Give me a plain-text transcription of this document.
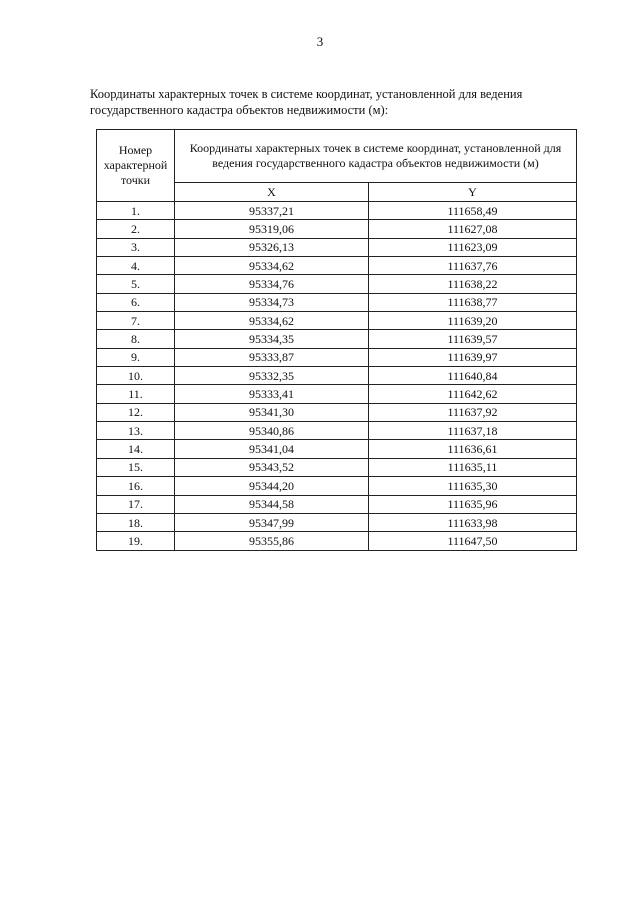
3
Координаты характерных точек в системе координат, установленной для ведения государственного кадастра объектов недвижимости (м):
Номер характерной точки	Координаты характерных точек в системе координат, установленной для ведения государственного кадастра объектов недвижимости (м)	
	X	Y
1.	95337,21	111658,49
2.	95319,06	111627,08
3.	95326,13	111623,09
4.	95334,62	111637,76
5.	95334,76	111638,22
6.	95334,73	111638,77
7.	95334,62	111639,20
8.	95334,35	111639,57
9.	95333,87	111639,97
10.	95332,35	111640,84
11.	95333,41	111642,62
12.	95341,30	111637,92
13.	95340,86	111637,18
14.	95341,04	111636,61
15.	95343,52	111635,11
16.	95344,20	111635,30
17.	95344,58	111635,96
18.	95347,99	111633,98
19.	95355,86	111647,50
